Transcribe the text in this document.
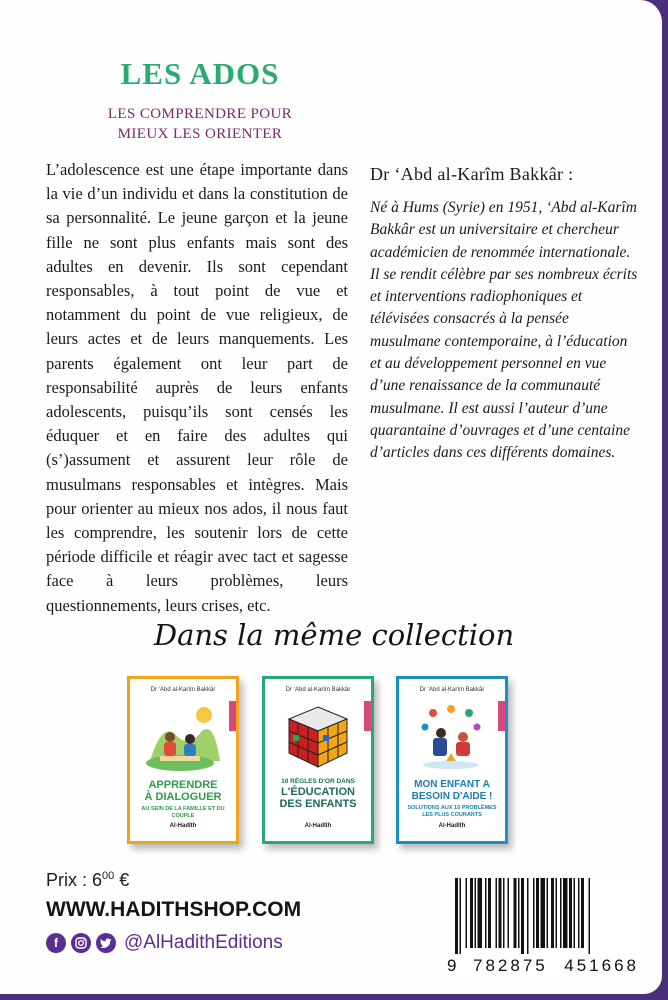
LES ADOS
LES COMPRENDRE POUR
MIEUX LES ORIENTER
L’adolescence est une étape importante dans la vie d’un individu et dans la constitution de sa personnalité. Le jeune garçon et la jeune fille ne sont plus enfants mais sont des adultes en devenir. Ils sont cependant responsables, à tout point de vue et notamment du point de vue religieux, de leurs actes et de leurs manquements. Les parents également ont leur part de responsabilité auprès de leurs enfants adolescents, puisqu’ils sont censés les éduquer et en faire des adultes qui (s’)assument et assurent leur rôle de musulmans responsables et intègres. Mais pour orienter au mieux nos ados, il nous faut les comprendre, les soutenir lors de cette période difficile et réagir avec tact et sagesse face à leurs problèmes, leurs questionnements, leurs crises, etc.
Dr ‘Abd al-Karîm Bakkâr :
Né à Hums (Syrie) en 1951, ‘Abd al-Karîm Bakkâr est un universitaire et chercheur académicien de renommée internationale. Il se rendit célèbre par ses nombreux écrits et interventions radiophoniques et télévisées consacrés à la pensée musulmane contemporaine, à l’éducation et au développement personnel en vue d’une renaissance de la communauté musulmane. Il est aussi l’auteur d’une quarantaine d’ouvrages et d’une centaine d’articles dans ces différents domaines.
Dans la même collection
Dr ‘Abd al-Karîm Bakkâr
APPRENDRE
À DIALOGUER
AU SEIN DE LA FAMILLE ET DU COUPLE
Al-Hadîth
Dr ‘Abd al-Karîm Bakkâr
10 RÈGLES D'OR DANS
L'ÉDUCATION
DES ENFANTS
Al-Hadîth
Dr ‘Abd al-Karîm Bakkâr
MON ENFANT A
BESOIN D'AIDE !
SOLUTIONS AUX 10 PROBLÈMES LES PLUS COURANTS
Al-Hadîth
Prix : $6^{00}$ €
WWW.HADITHSHOP.COM
f	@AlHadithEditions
9 782875 451668
